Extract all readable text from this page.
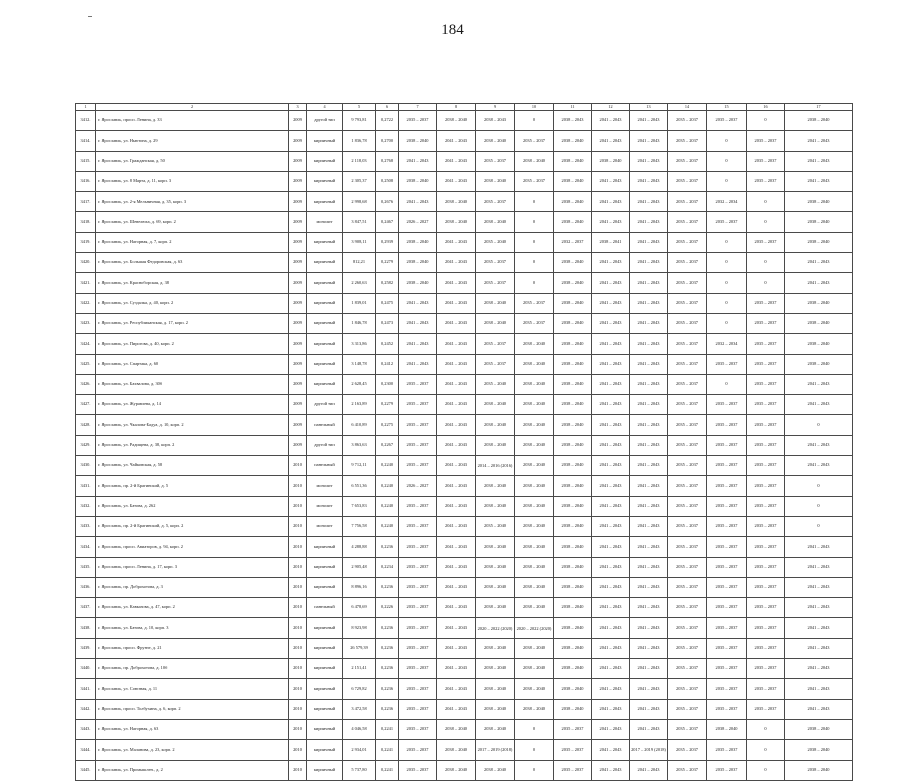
184
1	2	3	4	5	6	7	8	9	10	11	12	13	14	15	16	17
3412.	г. Ярославль, просп. Ленина, д. 33	2009	другой тип	9 793,81	0,2722	2035 – 2037	2038 – 2040	2038 – 2043	0	2038 – 2043	2041 – 2043	2041 – 2043	2035 – 2037	2035 – 2037	0	2038 – 2040
3414.	г. Ярославль, ул. Ньютона, д. 29	2009	кирпичный	1 836,78	0,2700	2038 – 2040	2041 – 2043	2038 – 2040	2035 – 2037	2038 – 2040	2041 – 2043	2041 – 2043	2035 – 2037	0	2035 – 2037	2041 – 2043
3415.	г. Ярославль, ул. Гражданская, д. 50	2009	кирпичный	2 118,03	0,2768	2041 – 2043	2041 – 2043	2035 – 2037	2038 – 2040	2038 – 2040	2038 – 2040	2041 – 2043	2035 – 2037	0	2035 – 2037	2041 – 2043
3416.	г. Ярославль, ул. 8 Марта, д. 11, корп. 3	2009	кирпичный	2 305,37	0,2508	2038 – 2040	2041 – 2043	2038 – 2040	2035 – 2037	2038 – 2040	2041 – 2043	2041 – 2043	2035 – 2037	0	2035 – 2037	2041 – 2043
3417.	г. Ярославль, ул. 2-я Мельничная, д. 35, корп. 3	2009	кирпичный	2 998,68	0,2676	2041 – 2043	2038 – 2040	2035 – 2037	0	2038 – 2040	2041 – 2043	2041 – 2043	2035 – 2037	2032 – 2034	0	2038 – 2040
3418.	г. Ярославль, ул. Шевелюха, д. 69, корп. 2	2009	монолит	3 847,51	0,2467	2026 – 2027	2038 – 2040	2038 – 2040	0	2038 – 2040	2041 – 2043	2041 – 2043	2035 – 2037	2035 – 2037	0	2038 – 2040
3419.	г. Ярославль, ул. Нагорная, д. 7, корп. 2	2009	кирпичный	3 908,11	0,2939	2038 – 2040	2041 – 2043	2035 – 2040	0	2032 – 2037	2038 – 2041	2041 – 2043	2035 – 2037	0	2035 – 2037	2038 – 2040
3420.	г. Ярославль, ул. Большая Федоровская, д. 63	2009	кирпичный	812,21	0,2279	2038 – 2040	2041 – 2043	2035 – 2037	0	2038 – 2040	2041 – 2043	2041 – 2043	2035 – 2037	0	0	2041 – 2043
3421.	г. Ярославль, ул. Красноборская, д. 38	2009	кирпичный	2 260,63	0,2582	2038 – 2040	2041 – 2043	2035 – 2037	0	2038 – 2040	2041 – 2043	2041 – 2043	2035 – 2037	0	0	2041 – 2043
3422.	г. Ярославль, ул. Суздалка, д. 40, корп. 2	2009	кирпичный	1 839,01	0,2475	2041 – 2043	2041 – 2043	2038 – 2040	2035 – 2037	2038 – 2040	2041 – 2043	2041 – 2043	2035 – 2037	0	2035 – 2037	2038 – 2040
3423.	г. Ярославль, ул. Республиканская, д. 17, корп. 2	2009	кирпичный	1 846,78	0,2473	2041 – 2043	2041 – 2043	2038 – 2040	2035 – 2037	2038 – 2040	2041 – 2043	2041 – 2043	2035 – 2037	0	2035 – 2037	2038 – 2040
3424.	г. Ярославль, ул. Пирогова, д. 40, корп. 2	2009	кирпичный	3 313,86	0,2452	2041 – 2043	2041 – 2043	2035 – 2037	2038 – 2040	2038 – 2040	2041 – 2043	2041 – 2043	2035 – 2037	2032 – 2034	2035 – 2037	2038 – 2040
3425.	г. Ярославль, ул. Спартака, д. 60	2009	кирпичный	3 148,78	0,2412	2041 – 2043	2041 – 2043	2035 – 2037	2038 – 2040	2038 – 2040	2041 – 2043	2041 – 2043	2035 – 2037	2035 – 2037	2035 – 2037	2038 – 2040
3426.	г. Ярославль, ул. Бахвалова, д. 30б	2009	кирпичный	2 628,45	0,2300	2035 – 2037	2041 – 2043	2035 – 2040	2038 – 2040	2038 – 2040	2041 – 2043	2041 – 2043	2035 – 2037	0	2035 – 2037	2041 – 2043
3427.	г. Ярославль, ул. Журавлева, д. 14	2009	другой тип	2 163,89	0,2279	2035 – 2037	2041 – 2043	2038 – 2040	2038 – 2040	2038 – 2040	2041 – 2043	2041 – 2043	2035 – 2037	2035 – 2037	2035 – 2037	2041 – 2043
3428.	г. Ярославль, ул. Чкалова-Бадуа, д. 10, корп. 2	2009	панельный	6 410,89	0,2275	2035 – 2037	2041 – 2043	2038 – 2040	2038 – 2040	2038 – 2040	2041 – 2043	2041 – 2043	2035 – 2037	2035 – 2037	2035 – 2037	0
3429.	г. Ярославль, ул. Радищева, д. 38, корп. 2	2009	другой тип	3 863,63	0,2267	2035 – 2037	2041 – 2043	2038 – 2040	2038 – 2040	2038 – 2040	2041 – 2043	2041 – 2043	2035 – 2037	2035 – 2037	2035 – 2037	2041 – 2043
3430.	г. Ярославль, ул. Чайковская, д. 58	2010	панельный	9 712,11	0,2240	2035 – 2037	2041 – 2043	2014 – 2016 (2016)	2038 – 2040	2038 – 2040	2041 – 2043	2041 – 2043	2035 – 2037	2035 – 2037	2035 – 2037	2041 – 2043
3431.	г. Ярославль, пр. 2-й Брагинский, д. 5	2010	монолит	6 551,36	0,2240	2026 – 2027	2041 – 2043	2038 – 2040	2038 – 2040	2038 – 2040	2041 – 2043	2041 – 2043	2035 – 2037	2035 – 2037	2035 – 2037	0
3432.	г. Ярославль, ул. Батова, д. 262	2010	монолит	7 653,83	0,2240	2035 – 2037	2041 – 2043	2038 – 2040	2038 – 2040	2038 – 2040	2041 – 2043	2041 – 2043	2035 – 2037	2035 – 2037	2035 – 2037	0
3433.	г. Ярославль, пр. 2-й Брагинский, д. 5, корп. 2	2010	монолит	7 756,58	0,2240	2035 – 2037	2041 – 2043	2035 – 2040	2038 – 2040	2038 – 2040	2041 – 2043	2041 – 2043	2035 – 2037	2035 – 2037	2035 – 2037	0
3434.	г. Ярославль, просп. Авиаторов, д. 94, корп. 2	2010	кирпичный	4 288,88	0,2236	2035 – 2037	2041 – 2043	2038 – 2040	2038 – 2040	2038 – 2040	2041 – 2043	2041 – 2043	2035 – 2037	2035 – 2037	2035 – 2037	2041 – 2043
3435.	г. Ярославль, просп. Ленина, д. 17, корп. 3	2010	кирпичный	2 905,48	0,2234	2035 – 2037	2041 – 2043	2038 – 2040	2038 – 2040	2038 – 2040	2041 – 2043	2041 – 2043	2035 – 2037	2035 – 2037	2035 – 2037	2041 – 2043
3436.	г. Ярославль, пр. Доброхотова, д. 3	2010	кирпичный	8 896,16	0,2236	2035 – 2037	2041 – 2043	2038 – 2040	2038 – 2040	2038 – 2040	2041 – 2043	2041 – 2043	2035 – 2037	2035 – 2037	2035 – 2037	2041 – 2043
3437.	г. Ярославль, ул. Кавказова, д. 47, корп. 2	2010	панельный	6 478,69	0,2226	2035 – 2037	2041 – 2043	2038 – 2040	2038 – 2040	2038 – 2040	2041 – 2043	2041 – 2043	2035 – 2037	2035 – 2037	2035 – 2037	2041 – 2043
3438.	г. Ярославль, ул. Батова, д. 10, корп. 3	2010	кирпичный	8 923,98	0,2236	2035 – 2037	2041 – 2043	2020 – 2022 (2020)	2020 – 2022 (2020)	2038 – 2040	2041 – 2043	2041 – 2043	2035 – 2037	2035 – 2037	2035 – 2037	2041 – 2043
3439.	г. Ярославль, просп. Фрунзе, д. 21	2010	кирпичный	26 579,39	0,2236	2035 – 2037	2041 – 2043	2038 – 2040	2038 – 2040	2038 – 2040	2041 – 2043	2041 – 2043	2035 – 2037	2035 – 2037	2035 – 2037	2041 – 2043
3440.	г. Ярославль, пр. Доброхотова, д. 10б	2010	кирпичный	2 151,41	0,2236	2035 – 2037	2041 – 2043	2038 – 2040	2038 – 2040	2038 – 2040	2041 – 2043	2041 – 2043	2035 – 2037	2035 – 2037	2035 – 2037	2041 – 2043
3441.	г. Ярославль, ул. Союзная, д. 11	2010	кирпичный	6 729,82	0,2236	2035 – 2037	2041 – 2043	2038 – 2040	2038 – 2040	2038 – 2040	2041 – 2043	2041 – 2043	2035 – 2037	2035 – 2037	2035 – 2037	2041 – 2043
3442.	г. Ярославль, просп. Толбухина, д. 6, корп. 2	2010	кирпичный	3 472,58	0,2236	2035 – 2037	2041 – 2043	2038 – 2040	2038 – 2040	2038 – 2040	2041 – 2043	2041 – 2043	2035 – 2037	2035 – 2037	2035 – 2037	2041 – 2043
3443.	г. Ярославль, ул. Нагорная, д. 63	2010	кирпичный	4 046,58	0,2241	2035 – 2037	2038 – 2040	2038 – 2040	0	2035 – 2037	2041 – 2043	2041 – 2043	2035 – 2037	2038 – 2040	0	2038 – 2040
3444.	г. Ярославль, ул. Маланова, д. 23, корп. 2	2010	кирпичный	2 934,01	0,2241	2035 – 2037	2038 – 2040	2017 – 2019 (2018)	0	2035 – 2037	2041 – 2043	2017 – 2019 (2018)	2035 – 2037	2035 – 2037	0	2038 – 2040
3445.	г. Ярославль, ул. Промышлен., д. 2	2010	кирпичный	5 737,80	0,2241	2035 – 2037	2038 – 2040	2038 – 2040	0	2035 – 2037	2041 – 2043	2041 – 2043	2035 – 2037	2035 – 2037	0	2038 – 2040
